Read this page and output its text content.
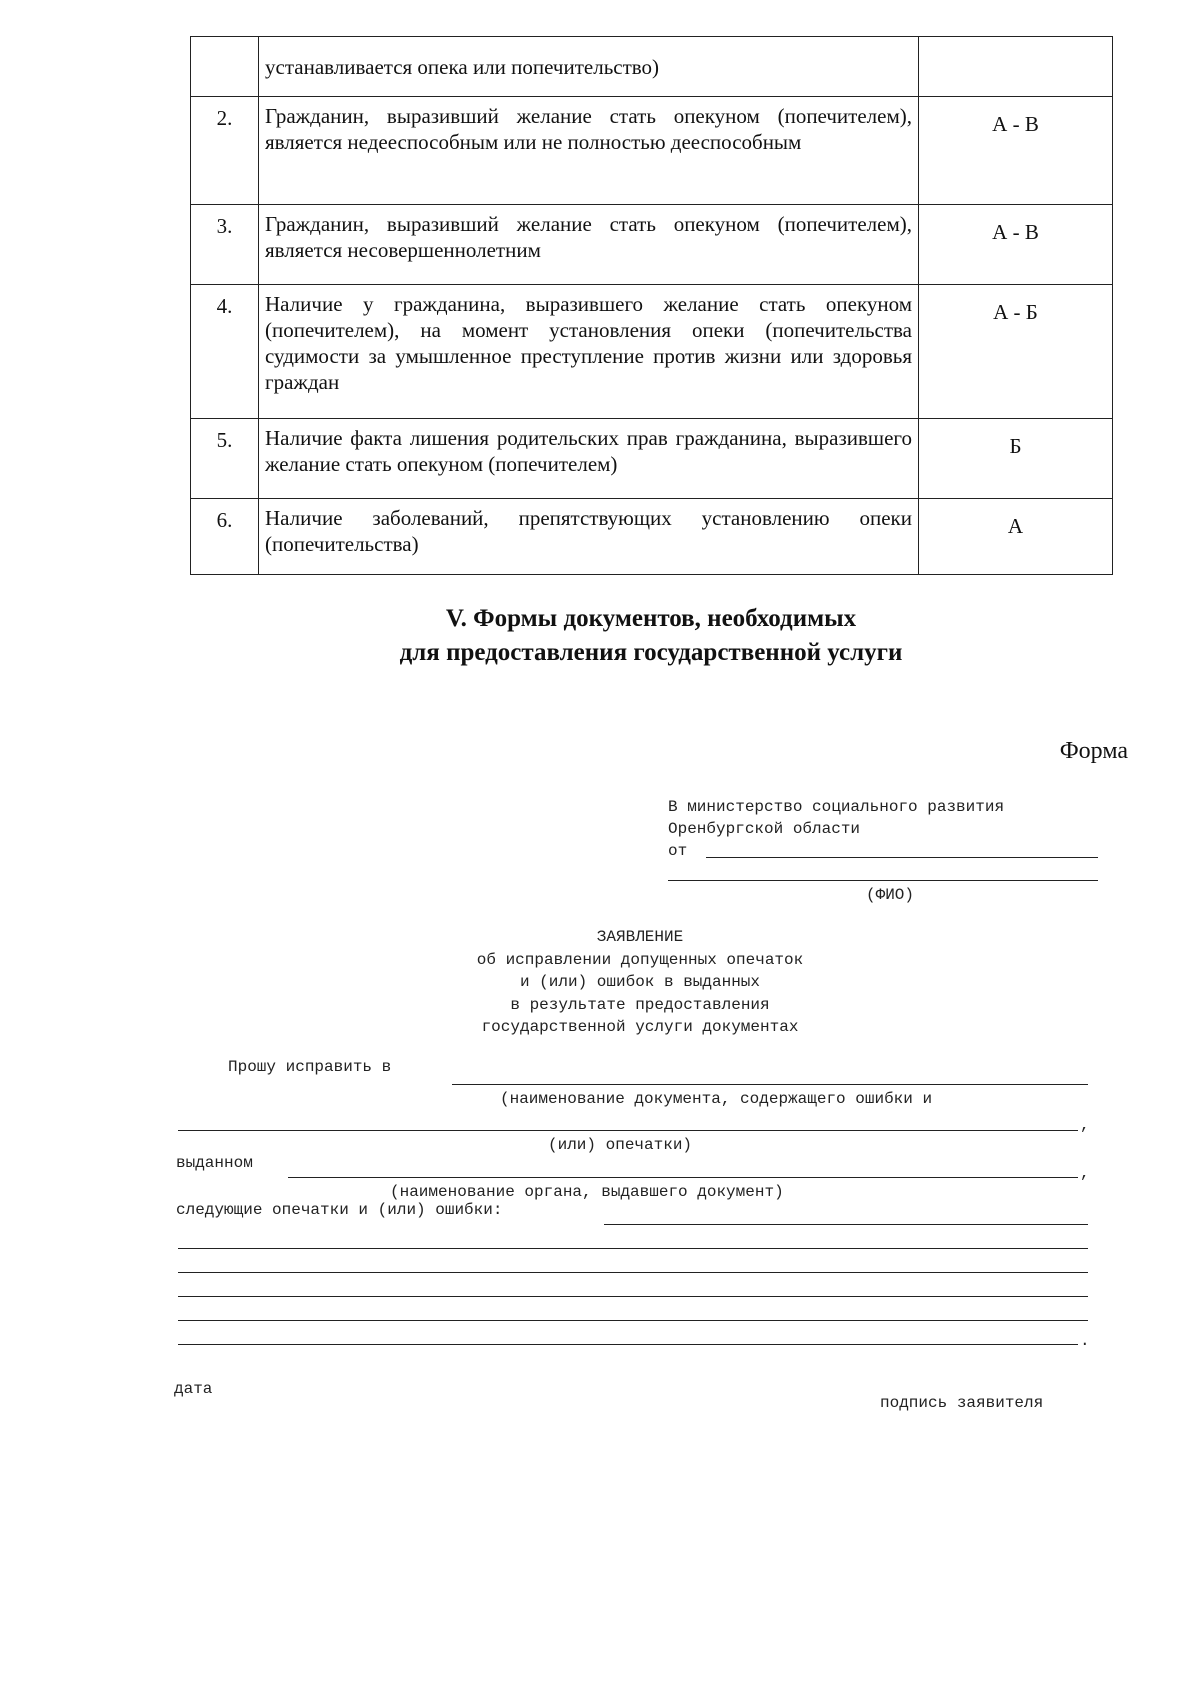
	устанавливается опека или попечительство)	
2.	Гражданин, выразивший желание стать опекуном (попечителем), является недееспособным или не полностью дееспособным	А - В
3.	Гражданин, выразивший желание стать опекуном (попечителем), является несовершеннолетним	А - В
4.	Наличие у гражданина, выразившего желание стать опекуном (попечителем), на момент установления опеки (попечительства судимости за умышленное преступление против жизни или здоровья граждан	А - Б
5.	Наличие факта лишения родительских прав гражданина, выразившего желание стать опекуном (попечителем)	Б
6.	Наличие заболеваний, препятствующих установлению опеки (попечительства)	А
V. Формы документов, необходимых
для предоставления государственной услуги
Форма
В министерство социального развития
Оренбургской области
от
(ФИО)
ЗАЯВЛЕНИЕ
об исправлении допущенных опечаток
и (или) ошибок в выданных
в результате предоставления
государственной услуги документах
Прошу исправить в
(наименование документа, содержащего ошибки и
,
(или) опечатки)
выданном
,
(наименование органа, выдавшего документ)
следующие опечатки и (или) ошибки:
.
дата
подпись заявителя
